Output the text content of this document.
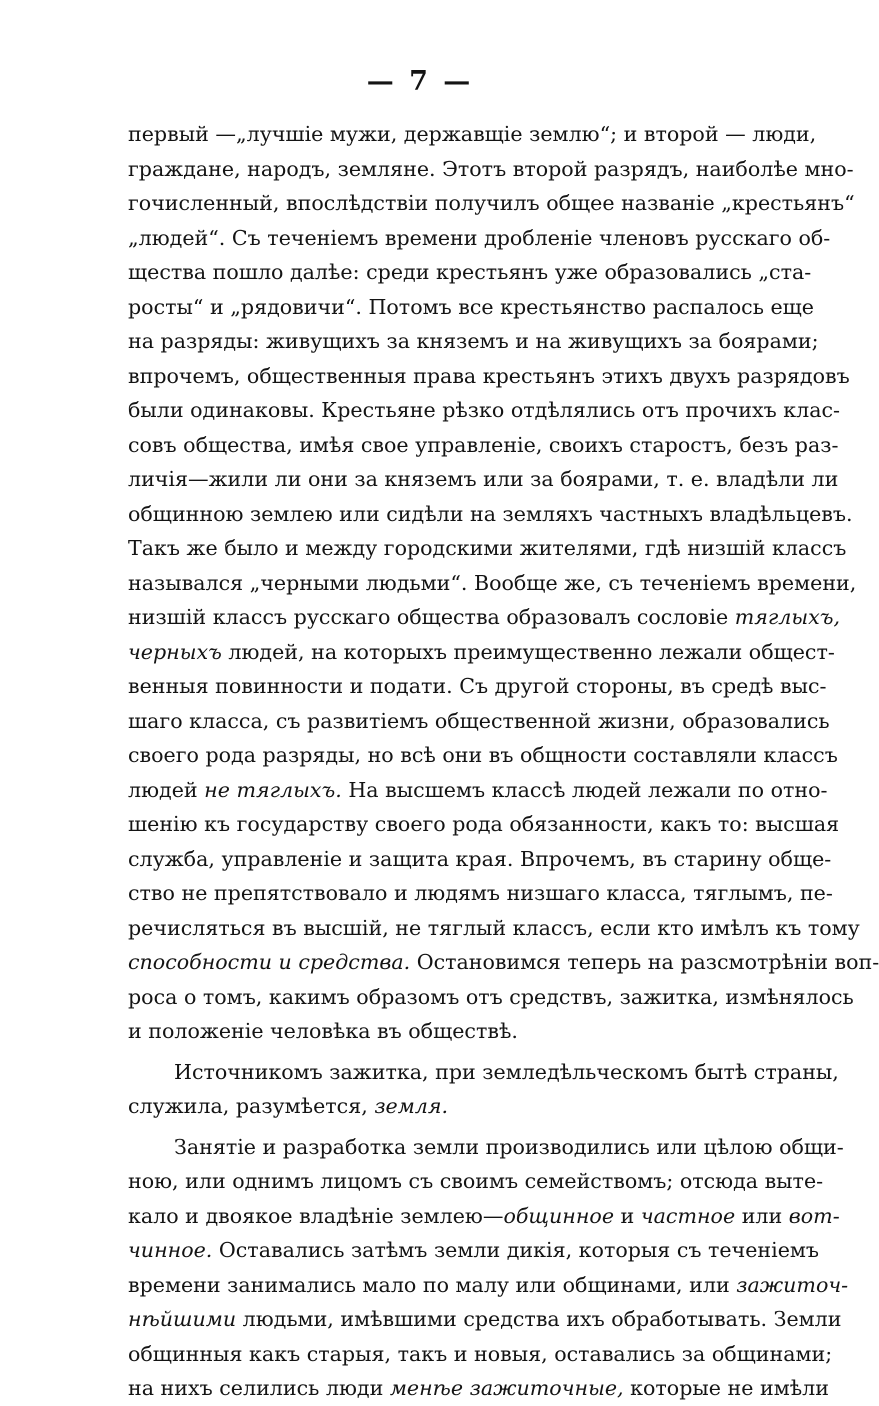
— 7 —
первый —„лучшіе мужи, державщіе землю“; и второй — люди,
граждане, народъ, земляне. Этотъ второй разрядъ, наиболѣе мно-
гочисленный, впослѣдствіи получилъ общее названіе „крестьянъ“
„людей“. Съ теченіемъ времени дробленіе членовъ русскаго об-
щества пошло далѣе: среди крестьянъ уже образовались „ста-
росты“ и „рядовичи“. Потомъ все крестьянство распалось еще
на разряды: живущихъ за княземъ и на живущихъ за боярами;
впрочемъ, общественныя права крестьянъ этихъ двухъ разрядовъ
были одинаковы. Крестьяне рѣзко отдѣлялись отъ прочихъ клас-
совъ общества, имѣя свое управленіе, своихъ старостъ, безъ раз-
личія—жили ли они за княземъ или за боярами, т. е. владѣли ли
общинною землею или сидѣли на земляхъ частныхъ владѣльцевъ.
Такъ же было и между городскими жителями, гдѣ низшій классъ
назывался „черными людьми“. Вообще же, съ теченіемъ времени,
низшій классъ русскаго общества образовалъ сословіе тяглыхъ,
черныхъ людей, на которыхъ преимущественно лежали общест-
венныя повинности и подати. Съ другой стороны, въ средѣ выс-
шаго класса, съ развитіемъ общественной жизни, образовались
своего рода разряды, но всѣ они въ общности составляли классъ
людей не тяглыхъ. На высшемъ классѣ людей лежали по отно-
шенію къ государству своего рода обязанности, какъ то: высшая
служба, управленіе и защита края. Впрочемъ, въ старину обще-
ство не препятствовало и людямъ низшаго класса, тяглымъ, пе-
речисляться въ высшій, не тяглый классъ, если кто имѣлъ къ тому
способности и средства. Остановимся теперь на разсмотрѣніи воп-
роса о томъ, какимъ образомъ отъ средствъ, зажитка, измѣнялось
и положеніе человѣка въ обществѣ.
Источникомъ зажитка, при земледѣльческомъ бытѣ страны,
служила, разумѣется, земля.
Занятіе и разработка земли производились или цѣлою общи-
ною, или однимъ лицомъ съ своимъ семействомъ; отсюда выте-
кало и двоякое владѣніе землею—общинное и частное или вот-
чинное. Оставались затѣмъ земли дикія, которыя съ теченіемъ
времени занимались мало по малу или общинами, или зажиточ-
нѣйшими людьми, имѣвшими средства ихъ обработывать. Земли
общинныя какъ старыя, такъ и новыя, оставались за общинами;
на нихъ селились люди менѣе зажиточные, которые не имѣли
